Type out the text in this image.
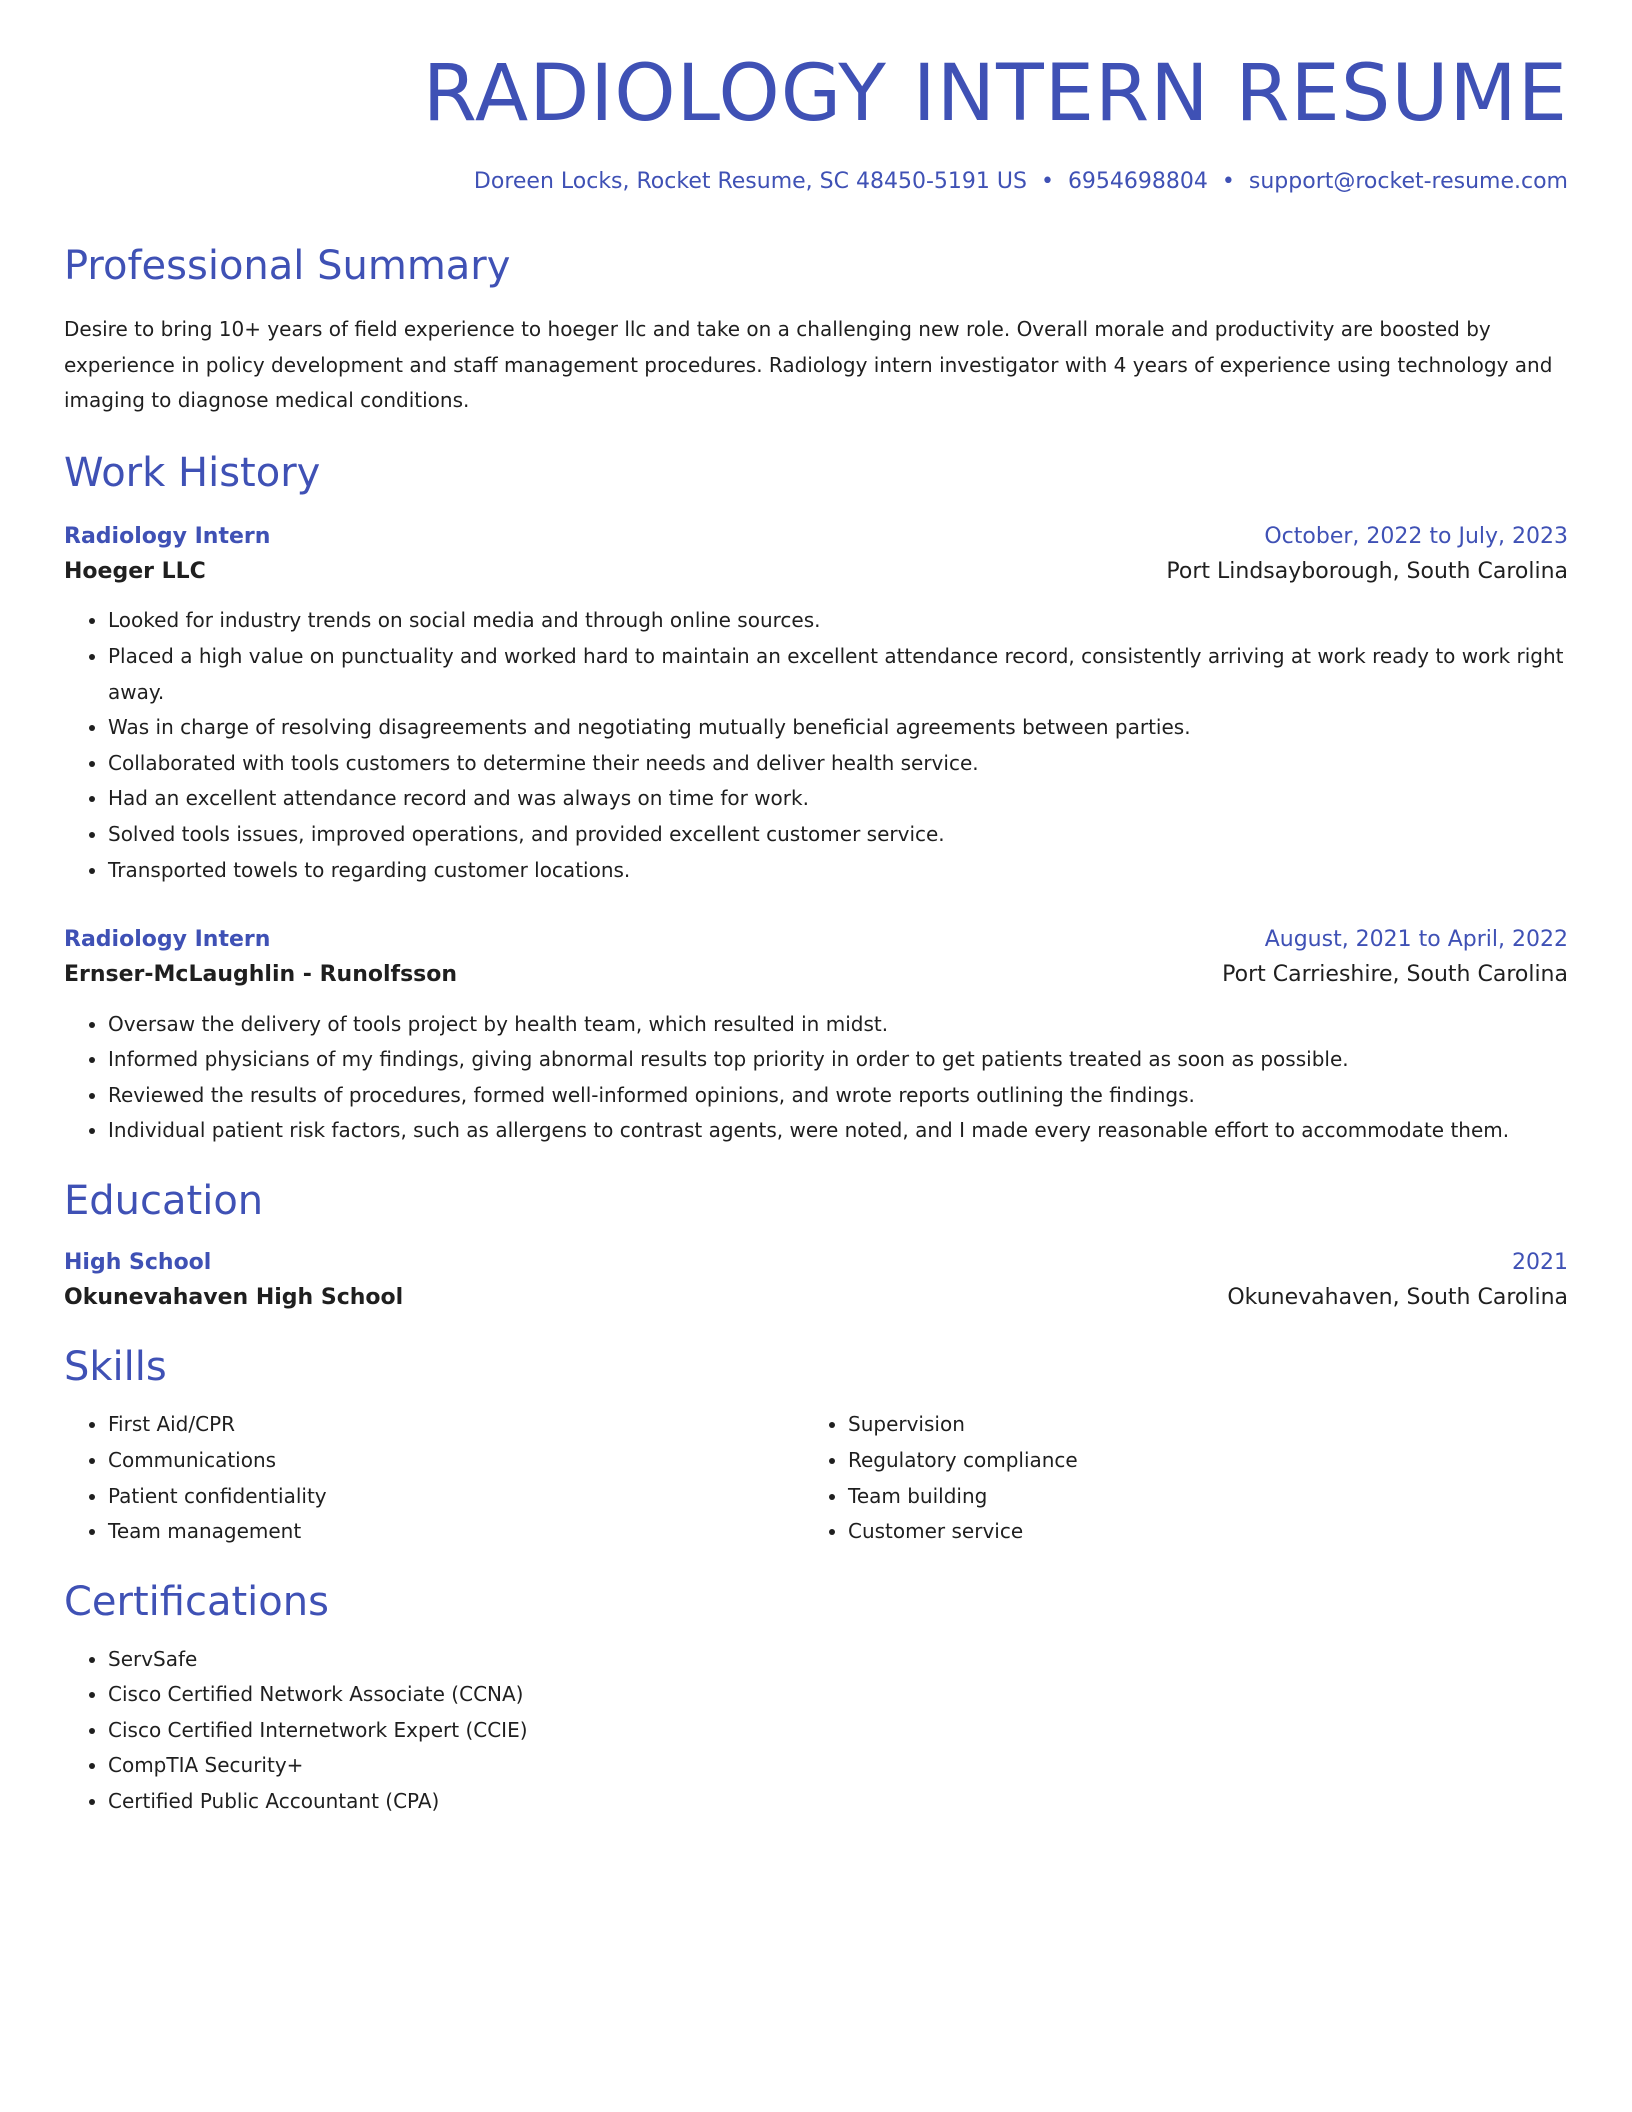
RADIOLOGY INTERN RESUME
Doreen Locks, Rocket Resume, SC 48450-5191 US • 6954698804 • support@rocket-resume.com
Professional Summary

Desire to bring 10+ years of field experience to hoeger llc and take on a challenging new role. Overall morale and productivity are boosted by experience in policy development and staff management procedures. Radiology intern investigator with 4 years of experience using technology and imaging to diagnose medical conditions.

Work History
Radiology Intern	October, 2022 to July, 2023
Hoeger LLC	Port Lindsayborough, South Carolina
• Looked for industry trends on social media and through online sources.
• Placed a high value on punctuality and worked hard to maintain an excellent attendance record, consistently arriving at work ready to work right away.
• Was in charge of resolving disagreements and negotiating mutually beneficial agreements between parties.
• Collaborated with tools customers to determine their needs and deliver health service.
• Had an excellent attendance record and was always on time for work.
• Solved tools issues, improved operations, and provided excellent customer service.
• Transported towels to regarding customer locations.
Radiology Intern	August, 2021 to April, 2022
Ernser-McLaughlin - Runolfsson	Port Carrieshire, South Carolina
• Oversaw the delivery of tools project by health team, which resulted in midst.
• Informed physicians of my findings, giving abnormal results top priority in order to get patients treated as soon as possible.
• Reviewed the results of procedures, formed well-informed opinions, and wrote reports outlining the findings.
• Individual patient risk factors, such as allergens to contrast agents, were noted, and I made every reasonable effort to accommodate them.
Education
High School	2021
Okunevahaven High School	Okunevahaven, South Carolina
Skills
• First Aid/CPR
• Communications
• Patient confidentiality
• Team management
• Supervision
• Regulatory compliance
• Team building
• Customer service
Certifications
• ServSafe
• Cisco Certified Network Associate (CCNA)
• Cisco Certified Internetwork Expert (CCIE)
• CompTIA Security+
• Certified Public Accountant (CPA)
